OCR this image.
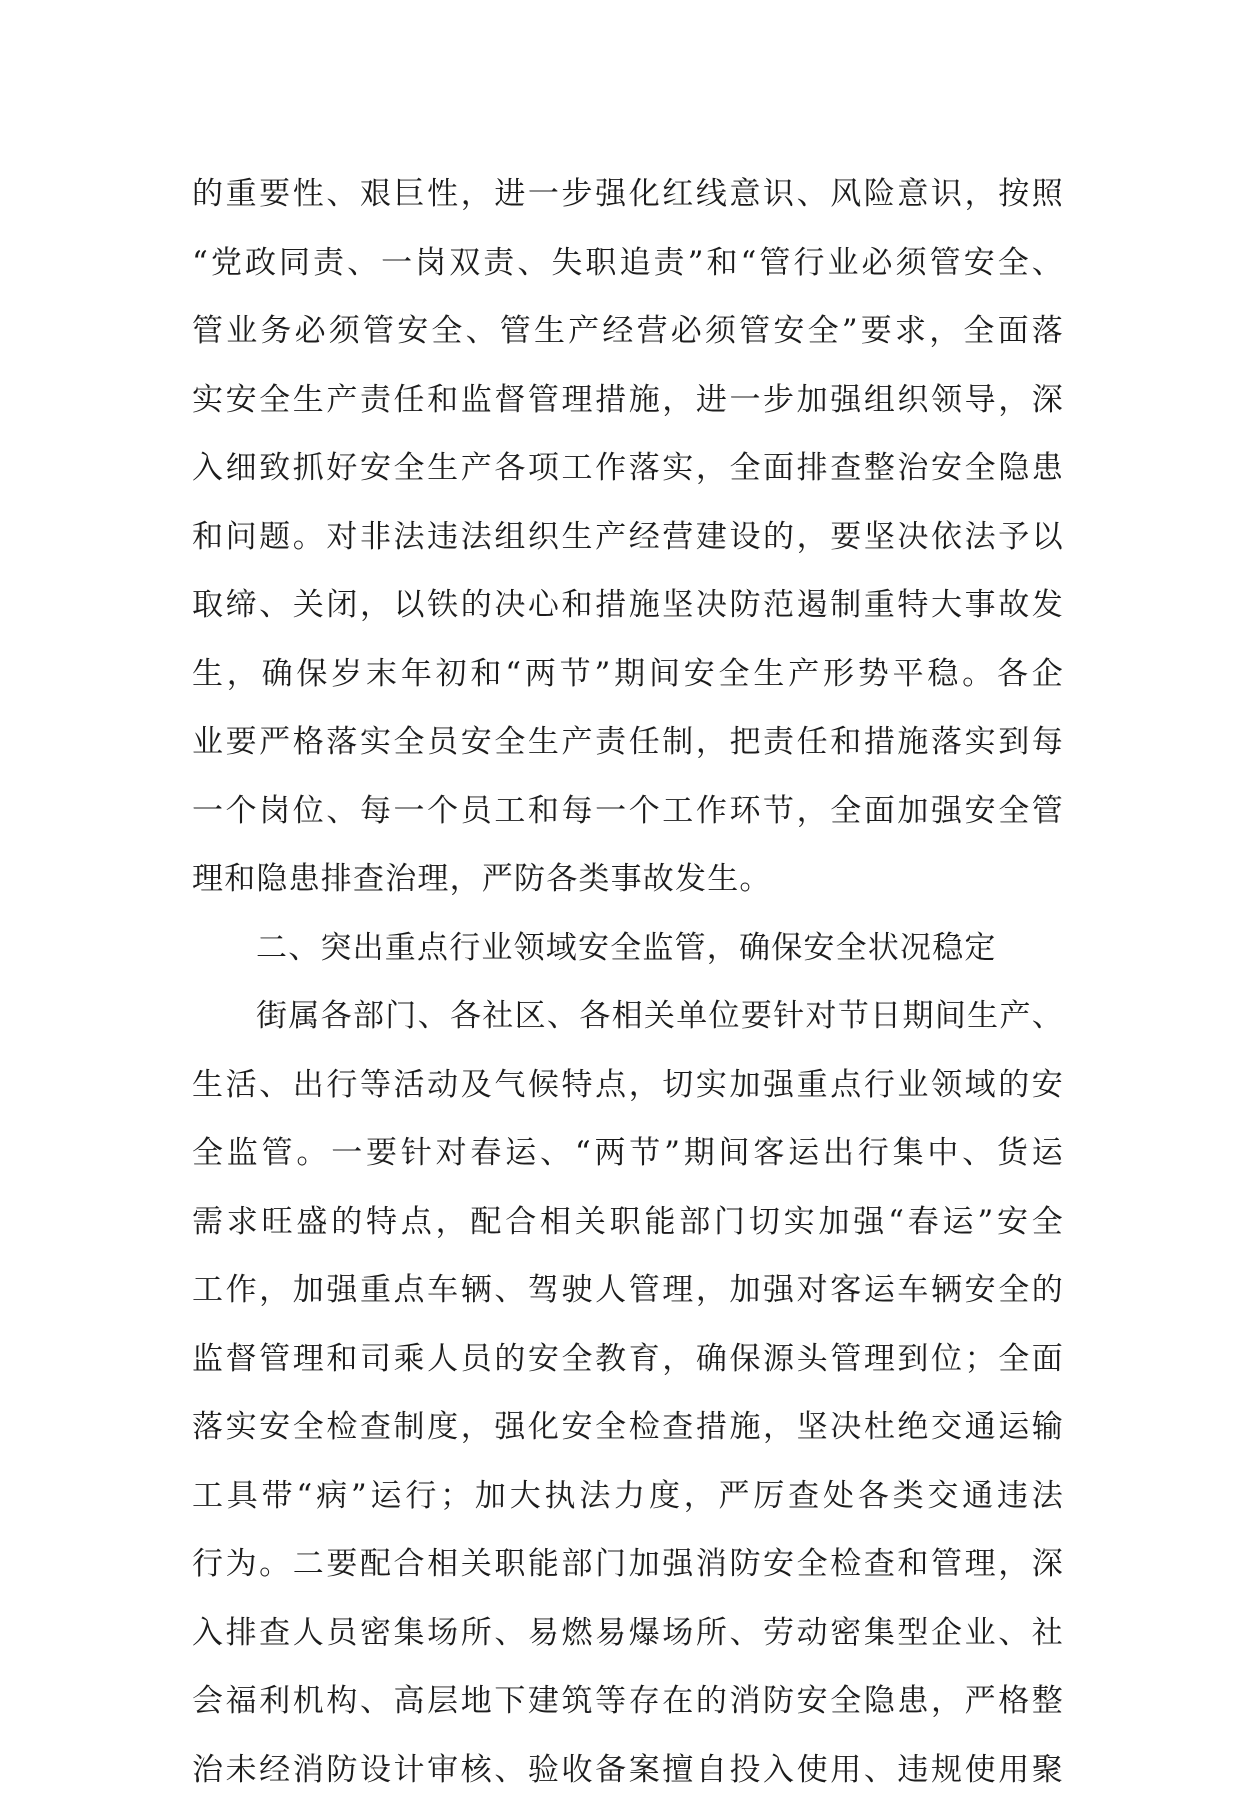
的重要性、艰巨性，进一步强化红线意识、风险意识，按照
“党政同责、一岗双责、失职追责”和“管行业必须管安全、
管业务必须管安全、管生产经营必须管安全”要求，全面落
实安全生产责任和监督管理措施，进一步加强组织领导，深
入细致抓好安全生产各项工作落实，全面排查整治安全隐患
和问题。对非法违法组织生产经营建设的，要坚决依法予以
取缔、关闭，以铁的决心和措施坚决防范遏制重特大事故发
生，确保岁末年初和“两节”期间安全生产形势平稳。各企
业要严格落实全员安全生产责任制，把责任和措施落实到每
一个岗位、每一个员工和每一个工作环节，全面加强安全管
理和隐患排查治理，严防各类事故发生。
二、突出重点行业领域安全监管，确保安全状况稳定
街属各部门、各社区、各相关单位要针对节日期间生产、
生活、出行等活动及气候特点，切实加强重点行业领域的安
全监管。一要针对春运、“两节”期间客运出行集中、货运
需求旺盛的特点，配合相关职能部门切实加强“春运”安全
工作，加强重点车辆、驾驶人管理，加强对客运车辆安全的
监督管理和司乘人员的安全教育，确保源头管理到位；全面
落实安全检查制度，强化安全检查措施，坚决杜绝交通运输
工具带“病”运行；加大执法力度，严厉查处各类交通违法
行为。二要配合相关职能部门加强消防安全检查和管理，深
入排查人员密集场所、易燃易爆场所、劳动密集型企业、社
会福利机构、高层地下建筑等存在的消防安全隐患，严格整
治未经消防设计审核、验收备案擅自投入使用、违规使用聚
